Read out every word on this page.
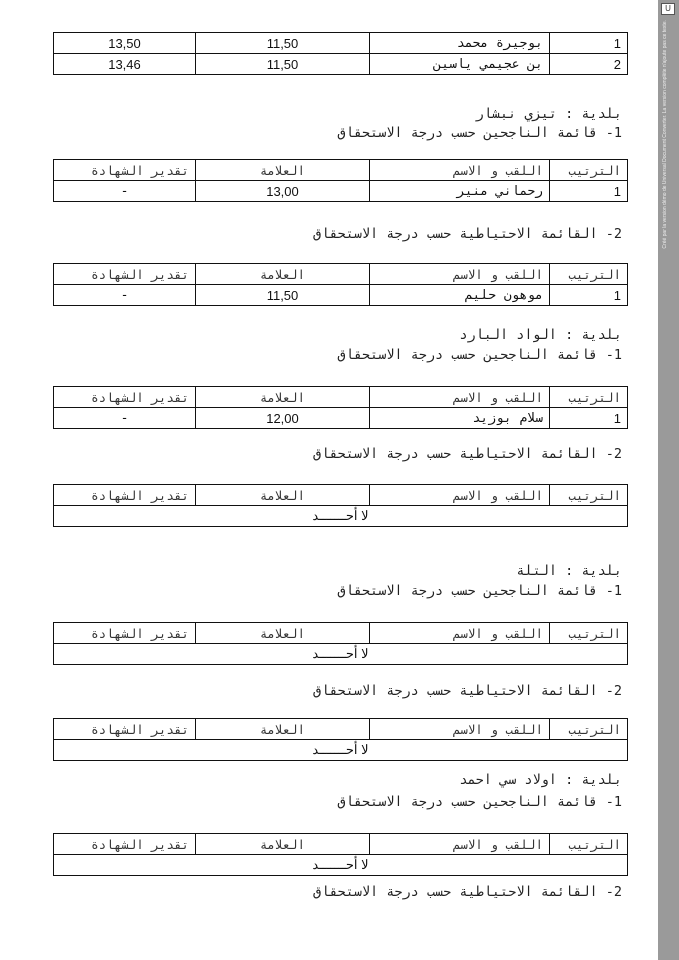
1	بوجيرة محمد	11,50	13,50
2	بن عجيمي ياسين	11,50	13,46
بلدية : تيزي نبشار
1- قائمة الناجحين حسب درجة الاستحقاق
الترتيب	اللقب و الاسم	العلامة	تقدير الشهادة
1	رحماني منير	13,00	-
2- القائمة الاحتياطية حسب درجة الاستحقاق
الترتيب	اللقب و الاسم	العلامة	تقدير الشهادة
1	موهون حليم	11,50	-
بلدية : الواد البارد
1- قائمة الناجحين حسب درجة الاستحقاق
الترتيب	اللقب و الاسم	العلامة	تقدير الشهادة
1	سلام بوزيد	12,00	-
2- القائمة الاحتياطية حسب درجة الاستحقاق
الترتيب	اللقب و الاسم	العلامة	تقدير الشهادة
لا أحـــــــد
بلدية : التلة
1- قائمة الناجحين حسب درجة الاستحقاق
الترتيب	اللقب و الاسم	العلامة	تقدير الشهادة
لا أحـــــــد
2- القائمة الاحتياطية حسب درجة الاستحقاق
الترتيب	اللقب و الاسم	العلامة	تقدير الشهادة
لا أحـــــــد
بلدية : اولاد سي احمد
1- قائمة الناجحين حسب درجة الاستحقاق
الترتيب	اللقب و الاسم	العلامة	تقدير الشهادة
لا أحـــــــد
2- القائمة الاحتياطية حسب درجة الاستحقاق
U
Créé par la version démo de Universal Document Converter. La version complète n'ajoute pas ce texte.
